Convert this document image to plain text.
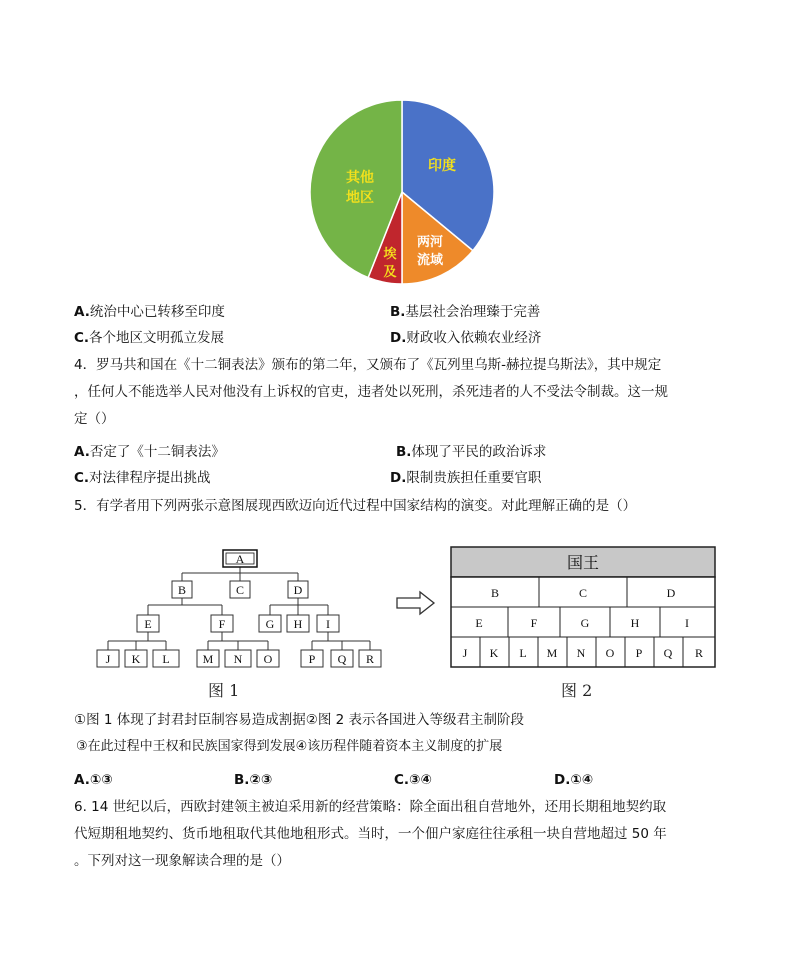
印度
其他
地区
两河
流域
埃
及
A.统治中心已转移至印度	B.基层社会治理臻于完善
C.各个地区文明孤立发展	D.财政收入依赖农业经济
4．罗马共和国在《十二铜表法》颁布的第二年，又颁布了《瓦列里乌斯-赫拉提乌斯法》，其中规定
，任何人不能选举人民对他没有上诉权的官吏，违者处以死刑，杀死违者的人不受法令制裁。这一规
定（）
A.否定了《十二铜表法》	B.体现了平民的政治诉求
C.对法律程序提出挑战	D.限制贵族担任重要官职
5．有学者用下列两张示意图展现西欧迈向近代过程中国家结构的演变。对此理解正确的是（）
A
B	C	D
E	F	G H I
J K L	M N O	P Q R
国王
B	C	D
E	F	G	H	I
J K L M N O P Q R
图 1	图 2
①图 1 体现了封君封臣制容易造成割据②图 2 表示各国进入等级君主制阶段
③在此过程中王权和民族国家得到发展④该历程伴随着资本主义制度的扩展
A.①③	B.②③	C.③④	D.①④
6. 14 世纪以后，西欧封建领主被迫采用新的经营策略：除全面出租自营地外，还用长期租地契约取
代短期租地契约、货币地租取代其他地租形式。当时，一个佃户家庭往往承租一块自营地超过 50 年
。下列对这一现象解读合理的是（）
